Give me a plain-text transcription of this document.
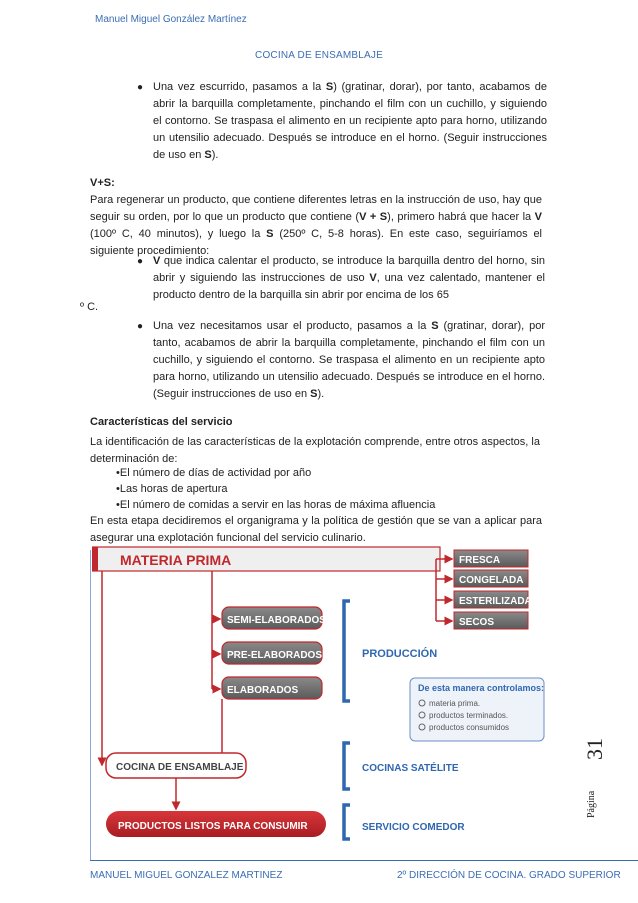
Manuel Miguel González Martínez
COCINA DE ENSAMBLAJE
● Una vez escurrido, pasamos a la S) (gratinar, dorar), por tanto, acabamos de abrir la barquilla completamente, pinchando el film con un cuchillo, y siguiendo el contorno. Se traspasa el alimento en un recipiente apto para horno, utilizando un utensilio adecuado. Después se introduce en el horno. (Seguir instrucciones de uso en S).
V+S:
Para regenerar un producto, que contiene diferentes letras en la instrucción de uso, hay que seguir su orden, por lo que un producto que contiene (V + S), primero habrá que hacer la V (100º C, 40 minutos), y luego la S (250º C, 5-8 horas). En este caso, seguiríamos el siguiente procedimiento:
● V que indica calentar el producto, se introduce la barquilla dentro del horno, sin abrir y siguiendo las instrucciones de uso V, una vez calentado, mantener el producto dentro de la barquilla sin abrir por encima de los 65
º C.
● Una vez necesitamos usar el producto, pasamos a la S (gratinar, dorar), por tanto, acabamos de abrir la barquilla completamente, pinchando el film con un cuchillo, y siguiendo el contorno. Se traspasa el alimento en un recipiente apto para horno, utilizando un utensilio adecuado. Después se introduce en el horno. (Seguir instrucciones de uso en S).
Características del servicio
La identificación de las características de la explotación comprende, entre otros aspectos, la determinación de:
•El número de días de actividad por año
•Las horas de apertura
•El número de comidas a servir en las horas de máxima afluencia
En esta etapa decidiremos el organigrama y la política de gestión que se van a aplicar para asegurar una explotación funcional del servicio culinario.
MATERIA PRIMA	FRESCA
CONGELADA
ESTERILIZADA
SECOS
SEMI-ELABORADOS
PRE-ELABORADOS
ELABORADOS
PRODUCCIÓN
De esta manera controlamos:
materia prima.
productos terminados.
productos consumidos
COCINA DE ENSAMBLAJE	COCINAS SATÉLITE
PRODUCTOS LISTOS PARA CONSUMIR	SERVICIO COMEDOR
Página
31
MANUEL MIGUEL GONZALEZ MARTINEZ	2º DIRECCIÓN DE COCINA. GRADO SUPERIOR
